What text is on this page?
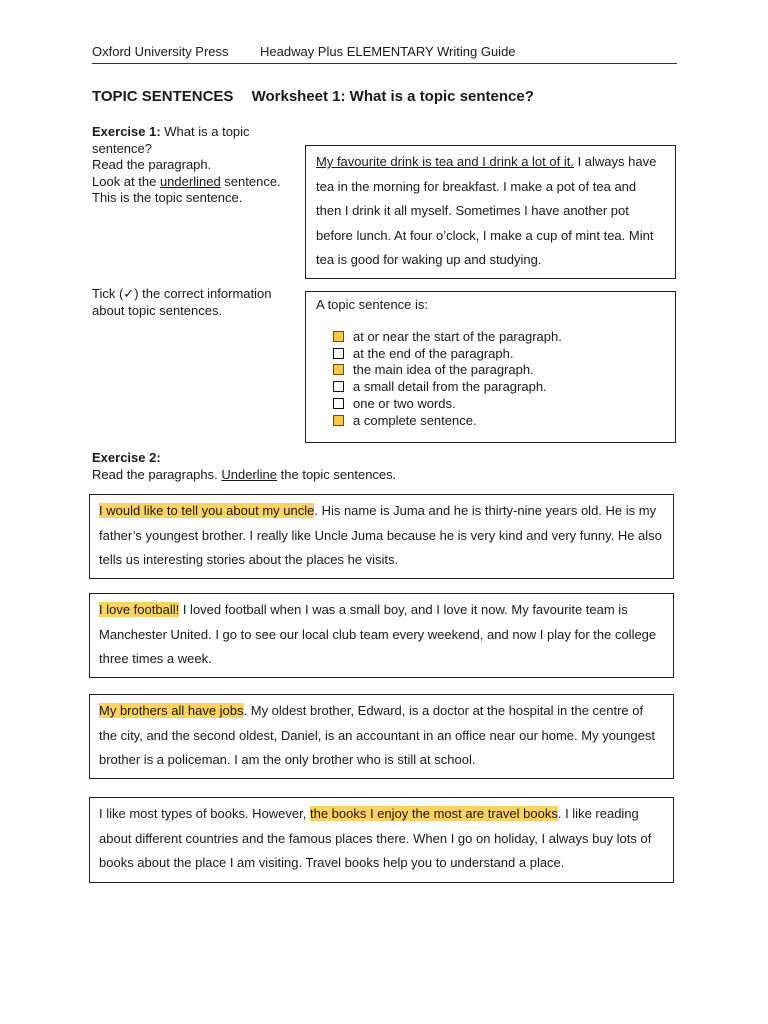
Oxford University Press Headway Plus ELEMENTARY Writing Guide
TOPIC SENTENCES Worksheet 1: What is a topic sentence?
Exercise 1: What is a topic sentence?
Read the paragraph.
Look at the underlined sentence.
This is the topic sentence.
My favourite drink is tea and I drink a lot of it. I always have tea in the morning for breakfast. I make a pot of tea and then I drink it all myself. Sometimes I have another pot before lunch. At four o’clock, I make a cup of mint tea. Mint tea is good for waking up and studying.
Tick (✓) the correct information
about topic sentences.	A topic sentence is:
at or near the start of the paragraph.
at the end of the paragraph.
the main idea of the paragraph.
a small detail from the paragraph.
one or two words.
a complete sentence.
Exercise 2:
Read the paragraphs. Underline the topic sentences.
I would like to tell you about my uncle. His name is Juma and he is thirty-nine years old. He is my father’s youngest brother. I really like Uncle Juma because he is very kind and very funny. He also tells us interesting stories about the places he visits.
I love football! I loved football when I was a small boy, and I love it now. My favourite team is Manchester United. I go to see our local club team every weekend, and now I play for the college three times a week.
My brothers all have jobs. My oldest brother, Edward, is a doctor at the hospital in the centre of the city, and the second oldest, Daniel, is an accountant in an office near our home. My youngest brother is a policeman. I am the only brother who is still at school.
I like most types of books. However, the books I enjoy the most are travel books. I like reading about different countries and the famous places there. When I go on holiday, I always buy lots of books about the place I am visiting. Travel books help you to understand a place.
